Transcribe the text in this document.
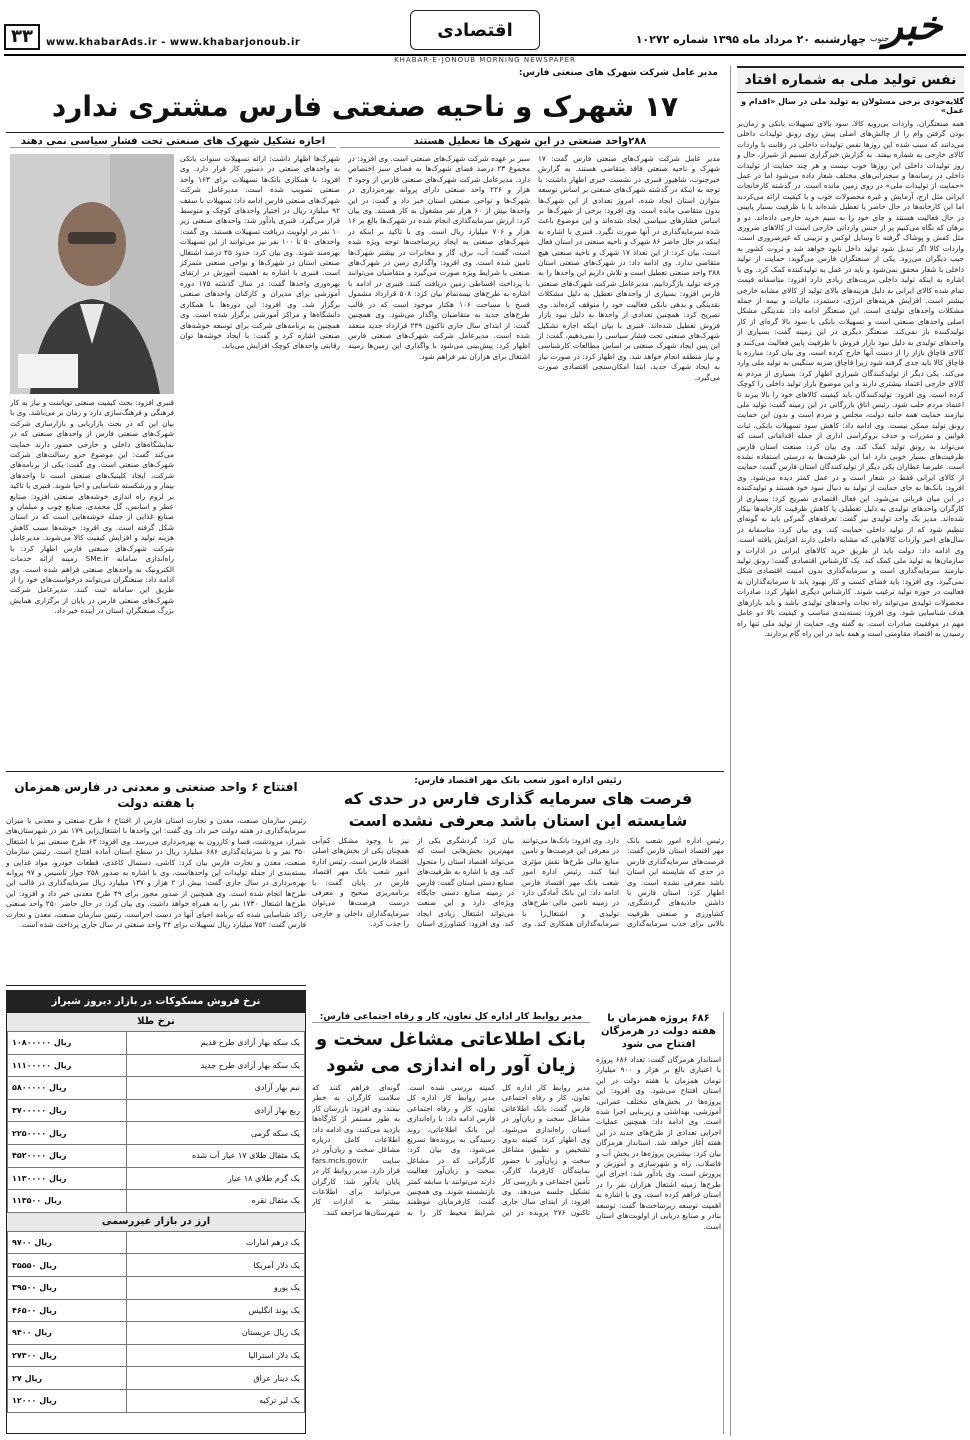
خبر
جنوب
چهارشنبه ۲۰ مرداد ماه ۱۳۹۵ شماره ۱۰۲۷۲
اقتصادی
www.khabarAds.ir - www.khabarjonoub.ir
۳۳
KHABAR-E-JONOUB MORNING NEWSPAPER
نفس تولید ملی به شماره افتاد
گلایه‌خودی برخی مسئولان به تولید ملی در سال «اقدام و عمل»
همه صنعتگران، واردات بی‌رویه کالا، سود بالای تسهیلات بانکی و زمان‌بر بودن گرفتن وام را از چالش‌های اصلی پیش روی رونق تولیدات داخلی می‌دانند که سبب شده این روزها نفس تولیدات داخلی در رقابت با واردات کالای خارجی به شماره بیفتد. به گزارش خبرگزاری تسنیم از شیراز، حال و روز تولیدات داخلی این روزها خوب نیست و هر چند حمایت از تولیدات داخلی در رسانه‌ها و سخنرانی‌های مختلف شعار داده می‌شود اما در عمل «حمایت از تولیدات ملی» در روی زمین مانده است. در گذشته کارخانجات ایرانی مثل ارج، آزمایش و غیره محصولات خوب و با کیفیت ارائه می‌کردند اما این کارخانه‌ها در حال حاضر یا تعطیل شده‌اند یا با ظرفیت بسیار پایینی در حال فعالیت هستند و جای خود را به سیم خرید خارجی داده‌اند. دو و برهان که نگاه می‌کنیم پر از جنس وارداتی خارجی است از کالاهای ضروری مثل کفش و پوشاک گرفته تا وسایل لوکس و تزیینی که غیرضروری است. واردات کالا اگر تبدیل شود تولید داخل نابود خواهد شد و ثروت کشور به جیب دیگران می‌رود. یکی از صنعتگران فارس می‌گوید: حمایت از تولید داخلی با شعار محقق نمی‌شود و باید در عمل به تولیدکننده کمک کرد. وی با اشاره به اینکه تولید داخلی مزیت‌های زیادی دارد افزود: متاسفانه قیمت تمام شده کالای ایرانی به دلیل هزینه‌های بالای تولید از کالای مشابه خارجی بیشتر است. افزایش هزینه‌های انرژی، دستمزد، مالیات و بیمه از جمله مشکلات واحدهای تولیدی است. این صنعتگر ادامه داد: نقدینگی مشکل اصلی واحدهای صنعتی است و تسهیلات بانکی با سود بالا گره‌ای از کار تولیدکننده باز نمی‌کند. صنعتگر دیگری در این زمینه گفت: بسیاری از واحدهای تولیدی به دلیل نبود بازار فروش با ظرفیت پایین فعالیت می‌کنند و کالای قاچاق بازار را از دست آنها خارج کرده است. وی بیان کرد: مبارزه با قاچاق کالا باید جدی گرفته شود زیرا قاچاق ضربه سنگینی به تولید ملی وارد می‌کند. یکی دیگر از تولیدکنندگان شیرازی اظهار کرد: بسیاری از مردم به کالای خارجی اعتماد بیشتری دارند و این موضوع بازار تولید داخلی را کوچک کرده است. وی افزود: تولیدکنندگان باید کیفیت کالاهای خود را بالا ببرند تا اعتماد مردم جلب شود. رئیس اتاق بازرگانی در این زمینه گفت: تولید ملی نیازمند حمایت همه جانبه دولت، مجلس و مردم است و بدون این حمایت رونق تولید ممکن نیست. وی ادامه داد: کاهش سود تسهیلات بانکی، ثبات قوانین و مقررات و حذف بروکراسی اداری از جمله اقداماتی است که می‌تواند به رونق تولید کمک کند. وی بیان کرد: صنعت استان فارس ظرفیت‌های بسیار خوبی دارد اما این ظرفیت‌ها به درستی استفاده نشده است. علیرضا عطاران یکی دیگر از تولیدکنندگان استان فارس گفت: حمایت از کالای ایرانی فقط در شعار است و در عمل کمتر دیده می‌شود. وی افزود: بانک‌ها به جای حمایت از تولید به دنبال سود خود هستند و تولیدکننده در این میان قربانی می‌شود. این فعال اقتصادی تصریح کرد: بسیاری از کارگران واحدهای تولیدی به دلیل تعطیلی یا کاهش ظرفیت کارخانه‌ها بیکار شده‌اند. مدیر یک واحد تولیدی نیز گفت: تعرفه‌های گمرکی باید به گونه‌ای تنظیم شود که از تولید داخلی حمایت کند. وی بیان کرد: متاسفانه در سال‌های اخیر واردات کالاهایی که مشابه داخلی دارند افزایش یافته است. وی ادامه داد: دولت باید از طریق خرید کالاهای ایرانی در ادارات و سازمان‌ها به تولید ملی کمک کند. یک کارشناس اقتصادی گفت: رونق تولید نیازمند سرمایه‌گذاری است و سرمایه‌گذاری بدون امنیت اقتصادی شکل نمی‌گیرد. وی افزود: باید فضای کسب و کار بهبود یابد تا سرمایه‌گذاران به فعالیت در حوزه تولید ترغیب شوند. کارشناس دیگری اظهار کرد: صادرات محصولات تولیدی می‌تواند راه نجات واحدهای تولیدی باشد و باید بازارهای هدف شناسایی شود. وی افزود: بسته‌بندی مناسب و کیفیت بالا دو عامل مهم در موفقیت صادرات است. به گفته وی، حمایت از تولید ملی تنها راه رسیدن به اقتصاد مقاومتی است و همه باید در این راه گام بردارند.
مدیر عامل شرکت شهرک های صنعتی فارس:
۱۷ شهرک و ناحیه صنعتی فارس مشتری ندارد
۲۸۸واحد صنعتی در این شهرک ها تعطیل هستند
اجازه تشکیل شهرک های صنعتی تحت فشار سیاسی نمی دهند
مدیر عامل شرکت شهرک‌های صنعتی فارس گفت: ۱۷ شهرک و ناحیه صنعتی فاقد متقاضی هستند. به گزارش خبرجنوب، شاهپور قنبری در نشست خبری اظهار داشت: با توجه به اینکه در گذشته شهرک‌های صنعتی بر اساس توسعه متوازن استان ایجاد شده، امروز تعدادی از این شهرک‌ها بدون متقاضی مانده است. وی افزود: برخی از شهرک‌ها بر اساس فشارهای سیاسی ایجاد شده‌اند و این موضوع باعث شده سرمایه‌گذاری در آنها صورت نگیرد. قنبری با اشاره به اینکه در حال حاضر ۸۶ شهرک و ناحیه صنعتی در استان فعال است، بیان کرد: از این تعداد ۱۷ شهرک و ناحیه صنعتی هیچ متقاضی ندارد. وی ادامه داد: در شهرک‌های صنعتی استان ۲۸۸ واحد صنعتی تعطیل است و تلاش داریم این واحدها را به چرخه تولید بازگردانیم. مدیرعامل شرکت شهرک‌های صنعتی فارس افزود: بسیاری از واحدهای تعطیل به دلیل مشکلات نقدینگی و بدهی بانکی فعالیت خود را متوقف کرده‌اند. وی تصریح کرد: همچنین تعدادی از واحدها به دلیل نبود بازار فروش تعطیل شده‌اند. قنبری با بیان اینکه اجازه تشکیل شهرک‌های صنعتی تحت فشار سیاسی را نمی‌دهیم، گفت: از این پس ایجاد شهرک صنعتی بر اساس مطالعات کارشناسی و نیاز منطقه انجام خواهد شد. وی اظهار کرد: در صورت نیاز به ایجاد شهرک جدید، ابتدا امکان‌سنجی اقتصادی صورت می‌گیرد.
سبز بر عهده شرکت شهرک‌های صنعتی است. وی افزود: در مجموع ۲۳ درصد فضای شهرک‌ها به فضای سبز اختصاص دارد. مدیرعامل شرکت شهرک‌های صنعتی فارس از وجود ۳ هزار و ۲۲۶ واحد صنعتی دارای پروانه بهره‌برداری در شهرک‌ها و نواحی صنعتی استان خبر داد و گفت: در این واحدها بیش از ۶۰ هزار نفر مشغول به کار هستند. وی بیان کرد: ارزش سرمایه‌گذاری انجام شده در شهرک‌ها بالغ بر ۱۶ هزار و ۷۰۶ میلیارد ریال است. وی با تاکید بر اینکه در شهرک‌های صنعتی به ایجاد زیرساخت‌ها توجه ویژه شده است، گفت: آب، برق، گاز و مخابرات در بیشتر شهرک‌ها تامین شده است. وی افزود: واگذاری زمین در شهرک‌های صنعتی با شرایط ویژه صورت می‌گیرد و متقاضیان می‌توانند با پرداخت اقساطی زمین دریافت کنند. قنبری در ادامه با اشاره به طرح‌های نیمه‌تمام بیان کرد: ۵۰۸ قرارداد مشمول فسخ با مساحت ۱۰۶ هکتار موجود است که در قالب طرح‌های جدید به متقاضیان واگذار می‌شود. وی همچنین گفت: از ابتدای سال جاری تاکنون ۲۴۹ قرارداد جدید منعقد شده است. مدیرعامل شرکت شهرک‌های صنعتی فارس اظهار کرد: پیش‌بینی می‌شود با واگذاری این زمین‌ها زمینه اشتغال برای هزاران نفر فراهم شود.
شهرک‌ها اظهار داشت: ارائه تسهیلات سنوات بانکی به واحدهای صنعتی در دستور کار قرار دارد. وی افزود: با همکاری بانک‌ها تسهیلات برای ۱۶۳ واحد صنعتی تصویب شده است. مدیرعامل شرکت شهرک‌های صنعتی فارس ادامه داد: تسهیلات با سقف ۹۲ میلیارد ریال در اختیار واحدهای کوچک و متوسط قرار می‌گیرد. قنبری یادآور شد: واحدهای صنعتی زیر ۱۰ نفر در اولویت دریافت تسهیلات هستند. وی گفت: واحدهای ۵۰ تا ۱۰۰ نفر نیز می‌توانند از این تسهیلات بهره‌مند شوند. وی بیان کرد: حدود ۴۵ درصد اشتغال صنعتی استان در شهرک‌ها و نواحی صنعتی متمرکز است. قنبری با اشاره به اهمیت آموزش در ارتقای بهره‌وری واحدها گفت: در سال گذشته ۱۷۵ دوره آموزشی برای مدیران و کارکنان واحدهای صنعتی برگزار شد. وی افزود: این دوره‌ها با همکاری دانشگاه‌ها و مراکز آموزشی برگزار شده است. وی همچنین به برنامه‌های شرکت برای توسعه خوشه‌های صنعتی اشاره کرد و گفت: با ایجاد خوشه‌ها توان رقابتی واحدهای کوچک افزایش می‌یابد.
قنبری افزود: بحث کیفیت صنعتی توپاست و نیاز به کار فرهنگی و فرهنگ‌سازی دارد و زمان بر می‌باشد. وی با بیان این که در بحث بازاریابی و بازارسازی شرکت شهرک‌های صنعتی فارس از واحدهای صنعتی که در نمایشگاه‌های داخلی و خارجی حضور دارند حمایت می‌کند گفت: این موضوع جزو رسالت‌های شرکت شهرک‌های صنعتی است. وی گفت: یکی از برنامه‌های شرکت، ایجاد کلینیک‌های صنعتی است تا واحدهای بیمار و ورشکسته شناسایی و احیا شوند. قنبری با تاکید بر لزوم راه اندازی خوشه‌های صنعتی افزود: صنایع عطر و اسانس، گل محمدی، صنایع چوب و مبلمان و صنایع غذایی از جمله خوشه‌هایی است که در استان شکل گرفته است. وی افزود: خوشه‌ها سبب کاهش هزینه تولید و افزایش کیفیت کالا می‌شوند. مدیرعامل شرکت شهرک‌های صنعتی فارس اظهار کرد: با راه‌اندازی سامانه SMe.ir زمینه ارائه خدمات الکترونیک به واحدهای صنعتی فراهم شده است. وی ادامه داد: صنعتگران می‌توانند درخواست‌های خود را از طریق این سامانه ثبت کنند. مدیرعامل شرکت شهرک‌های صنعتی فارس در پایان از برگزاری همایش بزرگ صنعتگران استان در آینده خبر داد.
افتتاح ۶ واحد صنعتی و معدنی در فارس همزمان با هفته دولت
رئیس سازمان صنعت، معدن و تجارت استان فارس از افتتاح ۶ طرح صنعتی و معدنی با میزان سرمایه‌گذاری در هفته دولت خبر داد. وی گفت: این واحدها با اشتغال‌زایی ۱۷۹ نفر در شهرستان‌های شیراز، مرودشت، فسا و کازرون به بهره‌برداری می‌رسد. وی افزود: ۶۳ طرح صنعتی نیز با اشتغال ۳۵۰ نفر و با سرمایه‌گذاری ۶۸۶ میلیارد ریال در سطح استان آماده افتتاح است. رئیس سازمان صنعت، معدن و تجارت فارس بیان کرد: کاشی، دستمال کاغذی، قطعات خودرو، مواد غذایی و بسته‌بندی از جمله تولیدات این واحدهاست. وی با اشاره به صدور ۲۵۸ جواز تاسیس و ۹۷ پروانه بهره‌برداری در سال جاری گفت: بیش از ۲ هزار و ۱۳۷ میلیارد ریال سرمایه‌گذاری در قالب این طرح‌ها انجام شده است. وی همچنین از صدور مجوز برای ۴۹ طرح معدنی خبر داد و افزود: این طرح‌ها اشتغال ۱۷۳۰ نفر را به همراه خواهد داشت. وی بیان کرد: در حال حاضر ۲۵۰ واحد صنعتی راکد شناسایی شده که برنامه احیای آنها در دست اجراست. رئیس سازمان صنعت، معدن و تجارت فارس گفت: ۷۵۲ میلیارد ریال تسهیلات برای ۲۴ واحد صنعتی در سال جاری پرداخت شده است.
رئیس اداره امور شعب بانک مهر اقتصاد فارس:
فرصت های سرمایه گذاری فارس در حدی که شایسته این استان باشد معرفی نشده است
رئیس اداره امور شعب بانک مهر اقتصاد استان فارس گفت: فرصت‌های سرمایه‌گذاری فارس در حدی که شایسته این استان باشد معرفی نشده است. وی اظهار کرد: استان فارس با داشتن جاذبه‌های گردشگری، کشاورزی و صنعتی ظرفیت بالایی برای جذب سرمایه‌گذاری دارد. وی افزود: بانک‌ها می‌توانند در معرفی این فرصت‌ها و تامین منابع مالی طرح‌ها نقش مؤثری ایفا کنند. رئیس اداره امور شعب بانک مهر اقتصاد فارس ادامه داد: این بانک آمادگی دارد در زمینه تامین مالی طرح‌های تولیدی و اشتغال‌زا با سرمایه‌گذاران همکاری کند. وی بیان کرد: گردشگری یکی از مهم‌ترین بخش‌هایی است که می‌تواند اقتصاد استان را متحول کند. وی با اشاره به ظرفیت‌های صنایع دستی استان گفت: فارس در زمینه صنایع دستی جایگاه ویژه‌ای دارد و این صنعت می‌تواند اشتغال زیادی ایجاد کند. وی افزود: کشاورزی استان نیز با وجود مشکل کم‌آبی همچنان یکی از بخش‌های اصلی اقتصاد فارس است. رئیس اداره امور شعب بانک مهر اقتصاد فارس در پایان گفت: با برنامه‌ریزی صحیح و معرفی درست فرصت‌ها می‌توان سرمایه‌گذاران داخلی و خارجی را جذب کرد.
۶۸۶ پروژه همزمان با هفته دولت در هرمزگان افتتاح می شود
استاندار هرمزگان گفت: تعداد ۶۸۶ پروژه با اعتباری بالغ بر هزار و ۹۰۰ میلیارد تومان همزمان با هفته دولت در این استان افتتاح می‌شود. وی افزود: این پروژه‌ها در بخش‌های مختلف عمرانی، آموزشی، بهداشتی و زیربنایی اجرا شده است. وی ادامه داد: همچنین عملیات اجرایی تعدادی از طرح‌های جدید در این هفته آغاز خواهد شد. استاندار هرمزگان بیان کرد: بیشترین پروژه‌ها در بخش آب و فاضلاب، راه و شهرسازی و آموزش و پرورش است. وی یادآور شد: اجرای این طرح‌ها زمینه اشتغال هزاران نفر را در استان فراهم کرده است. وی با اشاره به اهمیت توسعه زیرساخت‌ها گفت: توسعه بنادر و صنایع دریایی از اولویت‌های استان است.
مدیر روابط کار اداره کل تعاون، کار و رفاه اجتماعی فارس:
بانک اطلاعاتی مشاغل سخت و زیان آور راه اندازی می شود
مدیر روابط کار اداره کل تعاون، کار و رفاه اجتماعی فارس گفت: بانک اطلاعاتی مشاغل سخت و زیان‌آور در استان راه‌اندازی می‌شود. وی اظهار کرد: کمیته بدوی تشخیص و تطبیق مشاغل سخت و زیان‌آور با حضور نمایندگان کارفرما، کارگر، تأمین اجتماعی و بازرسی کار تشکیل جلسه می‌دهد. وی افزود: از ابتدای سال جاری تاکنون ۲۷۶ پرونده در این کمیته بررسی شده است. مدیر روابط کار اداره کل تعاون، کار و رفاه اجتماعی فارس ادامه داد: با راه‌اندازی این بانک اطلاعاتی، روند رسیدگی به پرونده‌ها تسریع می‌شود. وی بیان کرد: کارگرانی که در مشاغل سخت و زیان‌آور فعالیت دارند می‌توانند با سابقه کمتر بازنشسته شوند. وی همچنین گفت: کارفرمایان موظفند شرایط محیط کار را به گونه‌ای فراهم کنند که سلامت کارگران به خطر نیفتد. وی افزود: بازرسان کار به طور مستمر از کارگاه‌ها بازدید می‌کنند. وی ادامه داد: اطلاعات کامل درباره مشاغل سخت و زیان‌آور در سایت fars.mcls.gov.ir قرار دارد. مدیر روابط کار در پایان یادآور شد: کارگران می‌توانند برای اطلاعات بیشتر به ادارات کار شهرستان‌ها مراجعه کنند.
نرخ فروش مسکوکات در بازار دیروز شیراز
نرخ طلا
یک سکه بهار آزادی طرح قدیم	۱۰۸۰۰۰۰۰ ریال
یک سکه بهار آزادی طرح جدید	۱۱۱۰۰۰۰۰ ریال
نیم بهار آزادی	۵۸۰۰۰۰۰ ریال
ربع بهار آزادی	۳۷۰۰۰۰۰ ریال
یک سکه گرمی	۲۲۵۰۰۰۰ ریال
یک مثقال طلای ۱۷ عیار آب شده	۴۵۲۰۰۰۰ ریال
یک گرم طلای ۱۸ عیار	۱۱۳۰۰۰۰ ریال
یک مثقال نقره	۱۱۳۵۰۰ ریال
ارز در بازار غیررسمی
یک درهم امارات	۹۷۰۰ ریال
یک دلار آمریکا	۳۵۵۵۰ ریال
یک یورو	۳۹۵۰۰ ریال
یک پوند انگلیس	۴۶۵۰۰ ریال
یک ریال عربستان	۹۴۰۰ ریال
یک دلار استرالیا	۲۷۳۰۰ ریال
یک دینار عراق	۲۷ ریال
یک لیر ترکیه	۱۲۰۰۰ ریال
